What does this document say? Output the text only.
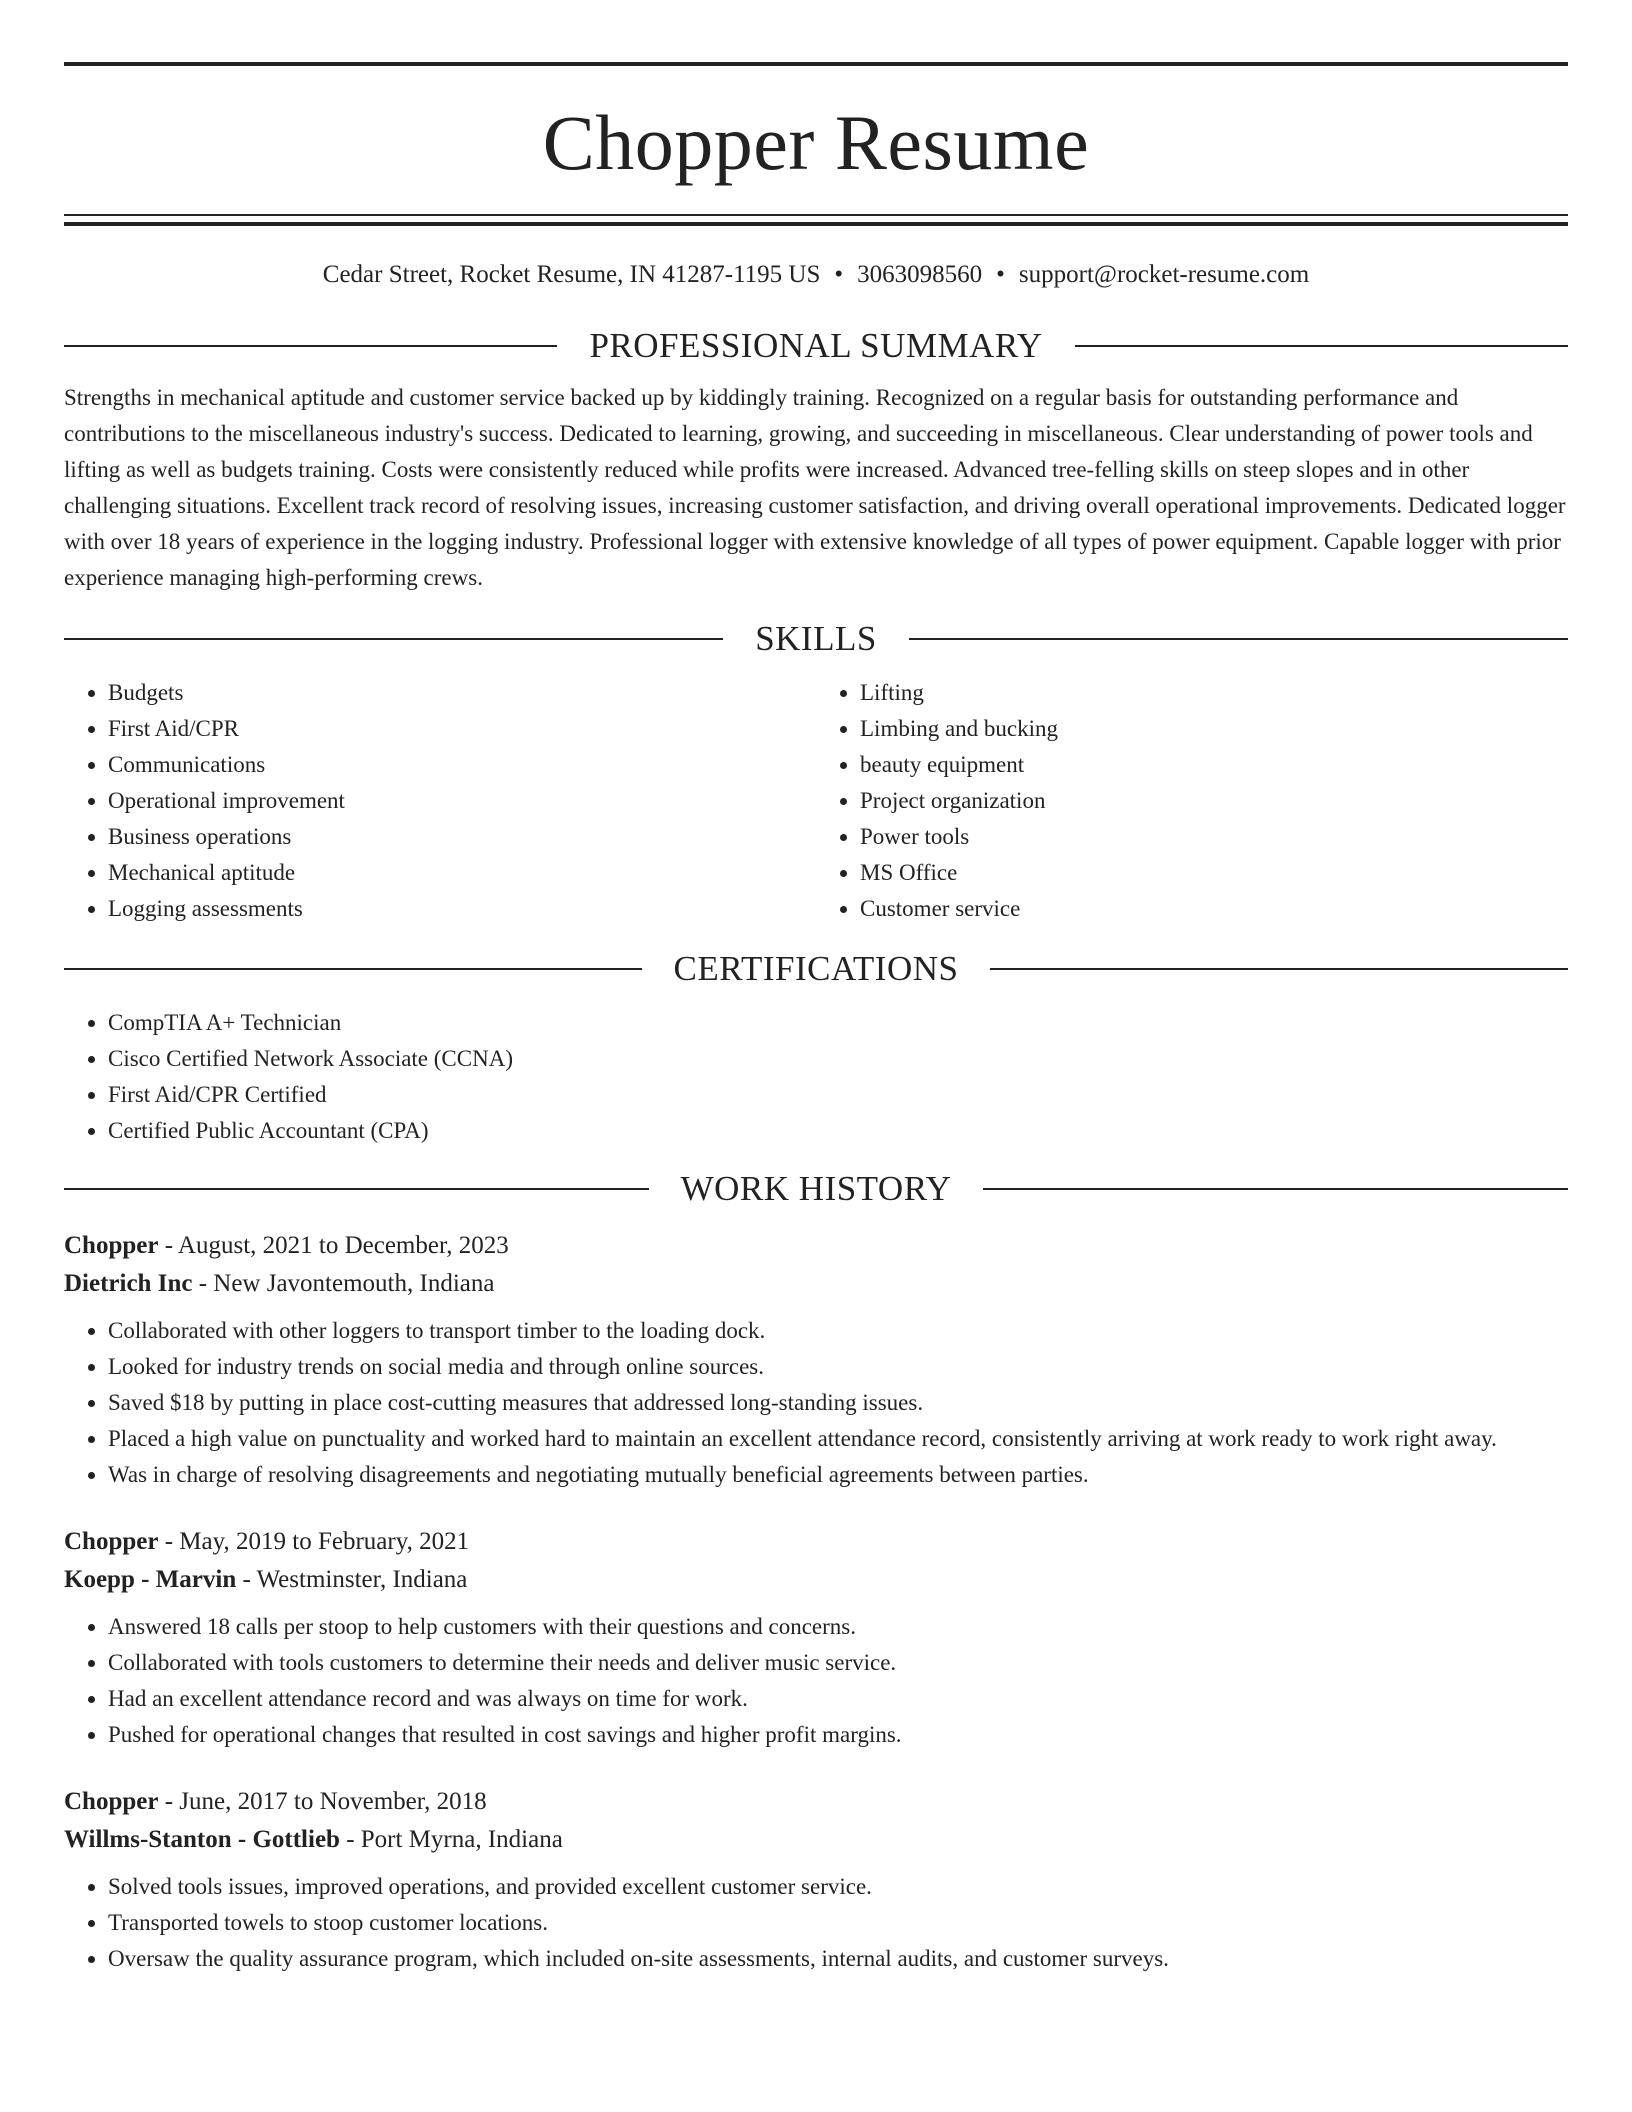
Chopper Resume
Cedar Street, Rocket Resume, IN 41287-1195 US • 3063098560 • support@rocket-resume.com
PROFESSIONAL SUMMARY

Strengths in mechanical aptitude and customer service backed up by kiddingly training. Recognized on a regular basis for outstanding performance and contributions to the miscellaneous industry's success. Dedicated to learning, growing, and succeeding in miscellaneous. Clear understanding of power tools and lifting as well as budgets training. Costs were consistently reduced while profits were increased. Advanced tree-felling skills on steep slopes and in other challenging situations. Excellent track record of resolving issues, increasing customer satisfaction, and driving overall operational improvements. Dedicated logger with over 18 years of experience in the logging industry. Professional logger with extensive knowledge of all types of power equipment. Capable logger with prior experience managing high-performing crews.

SKILLS
• Budgets
• First Aid/CPR
• Communications
• Operational improvement
• Business operations
• Mechanical aptitude
• Logging assessments
• Lifting
• Limbing and bucking
• beauty equipment
• Project organization
• Power tools
• MS Office
• Customer service
CERTIFICATIONS
• CompTIA A+ Technician
• Cisco Certified Network Associate (CCNA)
• First Aid/CPR Certified
• Certified Public Accountant (CPA)
WORK HISTORY
Chopper - August, 2021 to December, 2023
Dietrich Inc - New Javontemouth, Indiana
• Collaborated with other loggers to transport timber to the loading dock.
• Looked for industry trends on social media and through online sources.
• Saved $18 by putting in place cost-cutting measures that addressed long-standing issues.
• Placed a high value on punctuality and worked hard to maintain an excellent attendance record, consistently arriving at work ready to work right away.
• Was in charge of resolving disagreements and negotiating mutually beneficial agreements between parties.
Chopper - May, 2019 to February, 2021
Koepp - Marvin - Westminster, Indiana
• Answered 18 calls per stoop to help customers with their questions and concerns.
• Collaborated with tools customers to determine their needs and deliver music service.
• Had an excellent attendance record and was always on time for work.
• Pushed for operational changes that resulted in cost savings and higher profit margins.
Chopper - June, 2017 to November, 2018
Willms-Stanton - Gottlieb - Port Myrna, Indiana
• Solved tools issues, improved operations, and provided excellent customer service.
• Transported towels to stoop customer locations.
• Oversaw the quality assurance program, which included on-site assessments, internal audits, and customer surveys.
